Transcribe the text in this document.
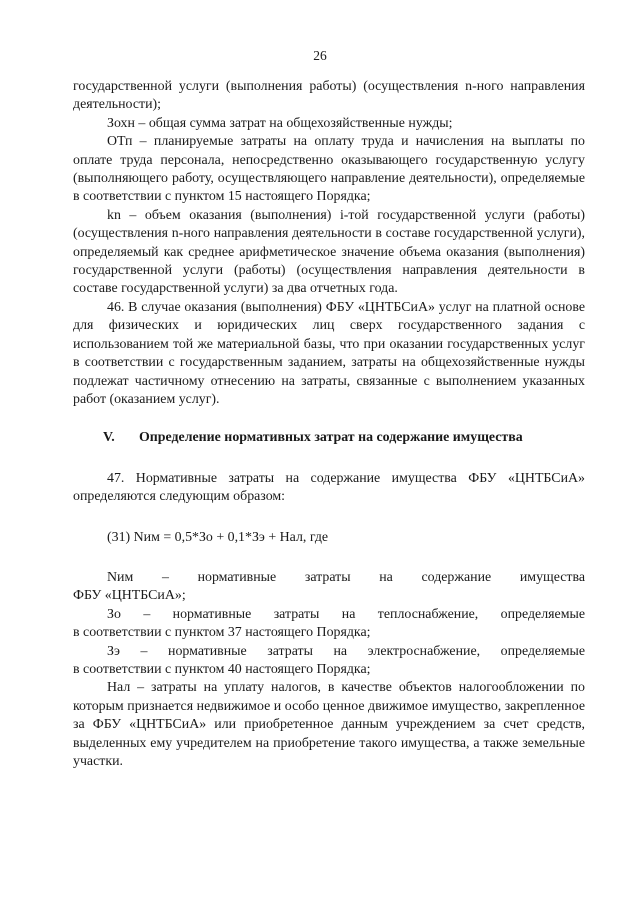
26

государственной услуги (выполнения работы) (осуществления n-ного направления деятельности);

Зохн – общая сумма затрат на общехозяйственные нужды;

ОТп – планируемые затраты на оплату труда и начисления на выплаты по оплате труда персонала, непосредственно оказывающего государственную услугу (выполняющего работу, осуществляющего направление деятельности), определяемые в соответствии с пунктом 15 настоящего Порядка;

kn – объем оказания (выполнения) i-той государственной услуги (работы) (осуществления n-ного направления деятельности в составе государственной услуги), определяемый как среднее арифметическое значение объема оказания (выполнения) государственной услуги (работы) (осуществления направления деятельности в составе государственной услуги) за два отчетных года.

46. В случае оказания (выполнения) ФБУ «ЦНТБСиА» услуг на платной основе для физических и юридических лиц сверх государственного задания с использованием той же материальной базы, что при оказании государственных услуг в соответствии с государственным заданием, затраты на общехозяйственные нужды подлежат частичному отнесению на затраты, связанные с выполнением указанных работ (оказанием услуг).

V.	Определение нормативных затрат на содержание имущества

47. Нормативные затраты на содержание имущества ФБУ «ЦНТБСиА» определяются следующим образом:

(31) Nим = 0,5*Зо + 0,1*Зэ + Нал, где

Nим – нормативные затраты на содержание имущества

ФБУ «ЦНТБСиА»;

Зо – нормативные затраты на теплоснабжение, определяемые

в соответствии с пунктом 37 настоящего Порядка;

Зэ – нормативные затраты на электроснабжение, определяемые

в соответствии с пунктом 40 настоящего Порядка;

Нал – затраты на уплату налогов, в качестве объектов налогообложении по которым признается недвижимое и особо ценное движимое имущество, закрепленное за ФБУ «ЦНТБСиА» или приобретенное данным учреждением за счет средств, выделенных ему учредителем на приобретение такого имущества, а также земельные участки.
